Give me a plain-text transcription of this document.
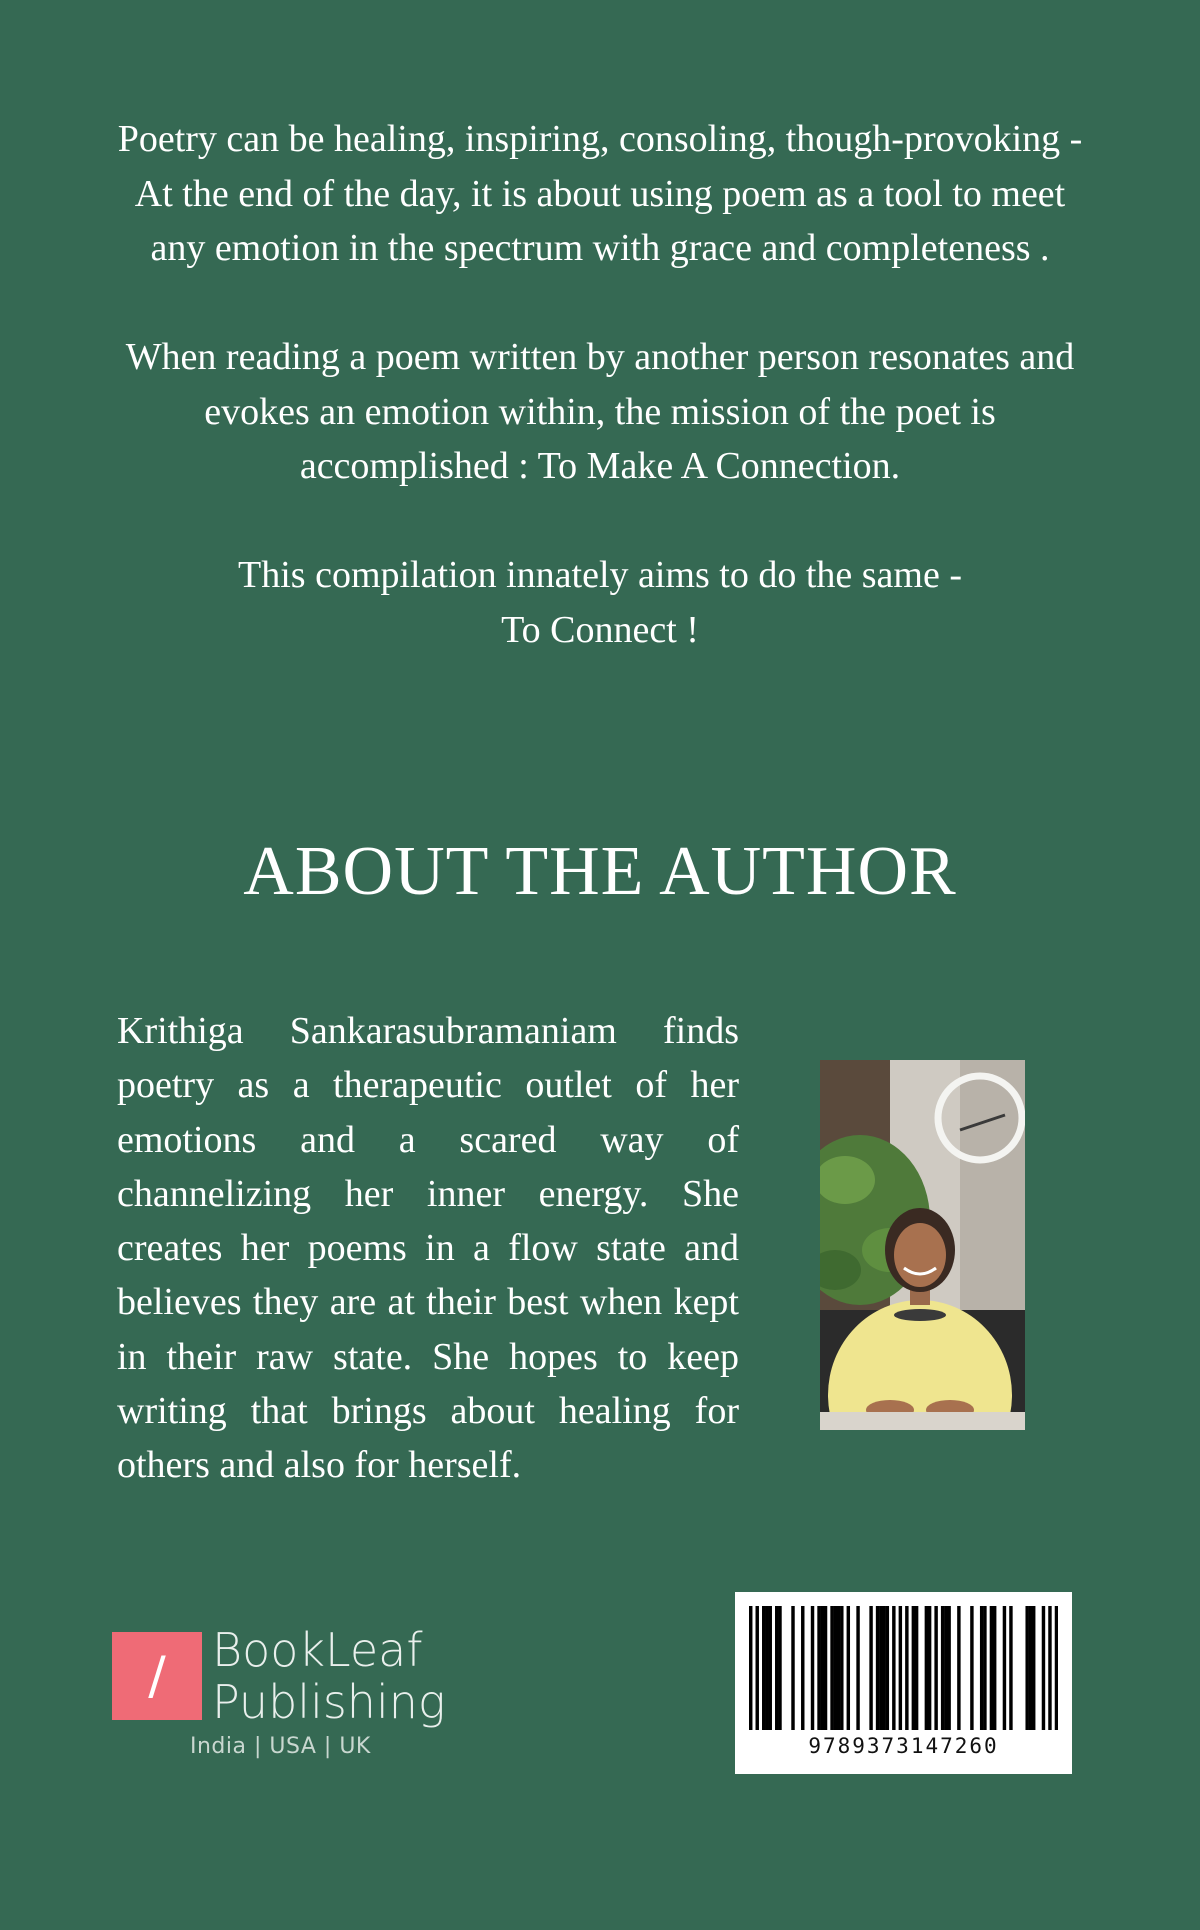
Poetry can be healing, inspiring, consoling, though-provoking - At the end of the day, it is about using poem as a tool to meet any emotion in the spectrum with grace and completeness .

When reading a poem written by another person resonates and evokes an emotion within, the mission of the poet is accomplished : To Make A Connection.

This compilation innately aims to do the same -
To Connect !

ABOUT THE AUTHOR

Krithiga Sankarasubramaniam finds poetry as a therapeutic outlet of her emotions and a scared way of channelizing her inner energy. She creates her poems in a flow state and believes they are at their best when kept in their raw state. She hopes to keep writing that brings about healing for others and also for herself.

/	BookLeaf
Publishing
India | USA | UK	9789373147260
